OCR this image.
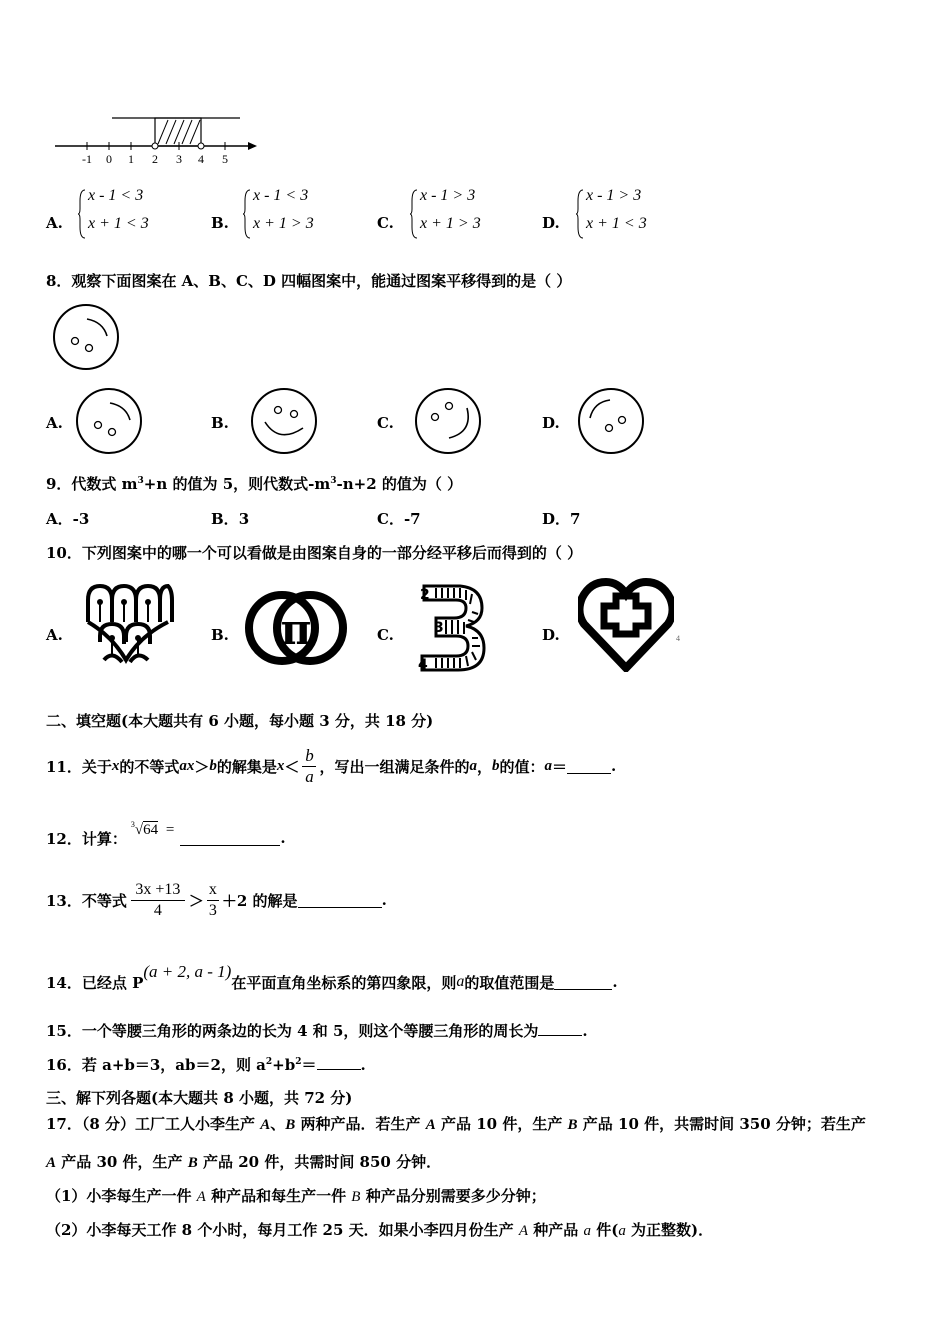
-1 0 1 2 3 4 5
A.
x - 1 < 3
x + 1 < 3	B.
x - 1 < 3
x + 1 > 3	C.
x - 1 > 3
x + 1 > 3	D.
x - 1 > 3
x + 1 < 3
8．观察下面图案在 A、B、C、D 四幅图案中，能通过图案平移得到的是（ ）
A.	B.	C.	D.
9．代数式 $m^3+n$ 的值为 5，则代数式$-m^3-n+2$ 的值为（ ）
A．-3	B．3	C．-7	D．7
10．下列图案中的哪一个可以看做是由图案自身的一部分经平移后而得到的（ ）
A.	B. π	C.
2
3
4
D.	4
二、填空题(本大题共有 6 小题，每小题 3 分，共 18 分)
11．关于 x 的不等式 ax ＞ b 的解集是 $x < \frac{b}{a}$ ，写出一组满足条件的 a ， b 的值： a ＝	.
12．计算：
3 √64 =	.
13．不等式 $\frac{3x +13}{4} > \frac{x}{3} +2$ 的解是	.
14．已经点 P
(a + 2, a - 1)
在平面直角坐标系的第四象限，则 a 的取值范围是	.
15．一个等腰三角形的两条边的长为 4 和 5，则这个等腰三角形的周长为	.
16．若 a+b＝3，ab＝2，则 $a^2+b^2=$	.
三、解下列各题(本大题共 8 小题，共 72 分)
17．（8 分）工厂工人小李生产 A、B 两种产品．若生产 A 产品 10 件，生产 B 产品 10 件，共需时间 350 分钟；若生产
A 产品 30 件，生产 B 产品 20 件，共需时间 850 分钟．
（1）小李每生产一件 A 种产品和每生产一件 B 种产品分别需要多少分钟；
（2）小李每天工作 8 个小时，每月工作 25 天．如果小李四月份生产 A 种产品 a 件(a 为正整数)．
